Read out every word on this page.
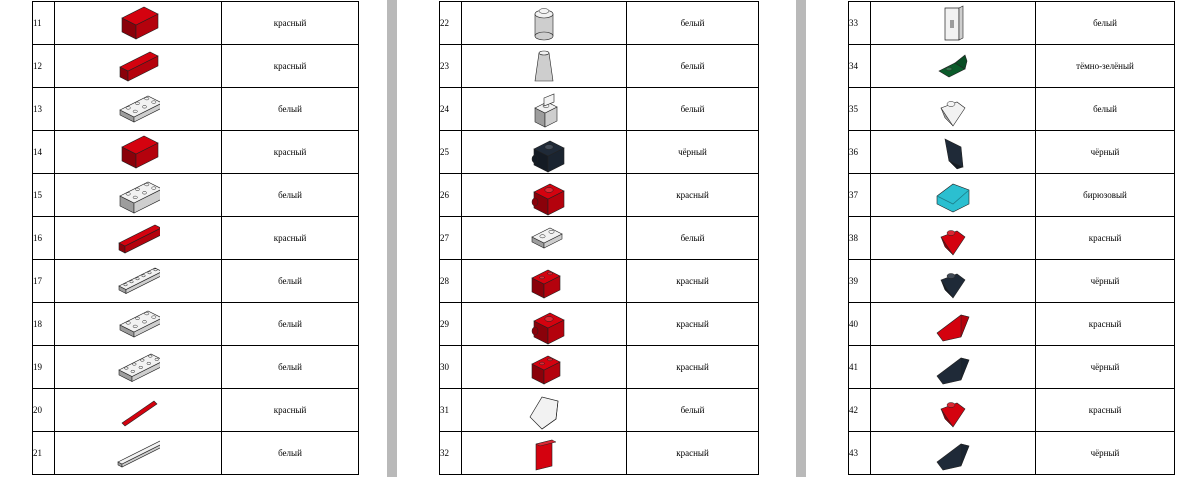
11		красный
12		красный
13		белый
14		красный
15		белый
16		красный
17		белый
18		белый
19		белый
20		красный
21		белый
22		белый
23		белый
24		белый
25		чёрный
26		красный
27		белый
28		красный
29		красный
30		красный
31		белый
32		красный
33		белый
34		тёмно-зелёный
35		белый
36		чёрный
37		бирюзовый
38		красный
39		чёрный
40		красный
41		чёрный
42		красный
43		чёрный
